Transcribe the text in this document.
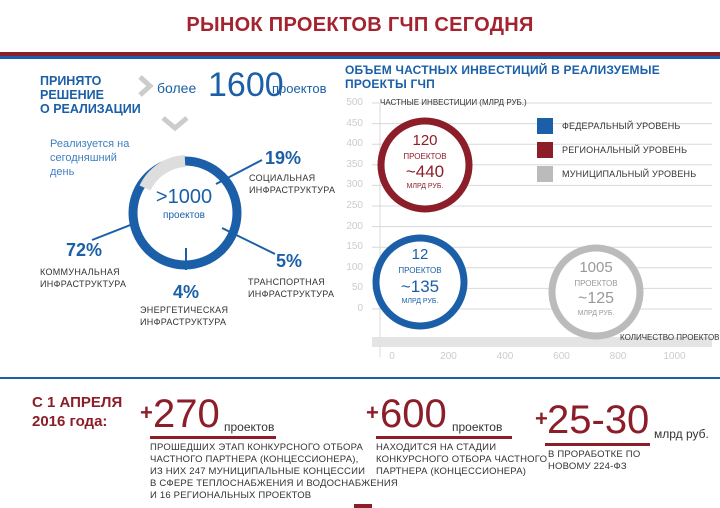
РЫНОК ПРОЕКТОВ ГЧП СЕГОДНЯ
ПРИНЯТО
РЕШЕНИЕ
О РЕАЛИЗАЦИИ
более 1600
проектов
Реализуется на
сегодняшний
день
>1000
проектов
19%
СОЦИАЛЬНАЯ
ИНФРАСТРУКТУРА
5%
ТРАНСПОРТНАЯ
ИНФРАСТРУКТУРА
4%
ЭНЕРГЕТИЧЕСКАЯ
ИНФРАСТРУКТУРА
72%
КОММУНАЛЬНАЯ
ИНФРАСТРУКТУРА
ОБЪЕМ ЧАСТНЫХ ИНВЕСТИЦИЙ В РЕАЛИЗУЕМЫЕ
ПРОЕКТЫ ГЧП
ЧАСТНЫЕ ИНВЕСТИЦИИ (МЛРД РУБ.)
КОЛИЧЕСТВО ПРОЕКТОВ
ФЕДЕРАЛЬНЫЙ УРОВЕНЬ
РЕГИОНАЛЬНЫЙ УРОВЕНЬ
МУНИЦИПАЛЬНЫЙ УРОВЕНЬ
120
ПРОЕКТОВ
~440
МЛРД РУБ.
12
ПРОЕКТОВ
~135
МЛРД РУБ.
1005
ПРОЕКТОВ
~125
МЛРД РУБ.
С 1 АПРЕЛЯ
2016 года:	+ 270 проектов
ПРОШЕДШИХ ЭТАП КОНКУРСНОГО ОТБОРА
ЧАСТНОГО ПАРТНЕРА (КОНЦЕССИОНЕРА),
ИЗ НИХ 247 МУНИЦИПАЛЬНЫЕ КОНЦЕССИИ
В СФЕРЕ ТЕПЛОСНАБЖЕНИЯ И ВОДОСНАБЖЕНИЯ
И 16 РЕГИОНАЛЬНЫХ ПРОЕКТОВ
+ 600 проектов
НАХОДИТСЯ НА СТАДИИ
КОНКУРСНОГО ОТБОРА ЧАСТНОГО
ПАРТНЕРА (КОНЦЕССИОНЕРА)
+ 25-30 млрд руб.
В ПРОРАБОТКЕ ПО
НОВОМУ 224-ФЗ
500
450
400
350
300
250
200
150
100
50
0
0	200	400	600	800	1000
